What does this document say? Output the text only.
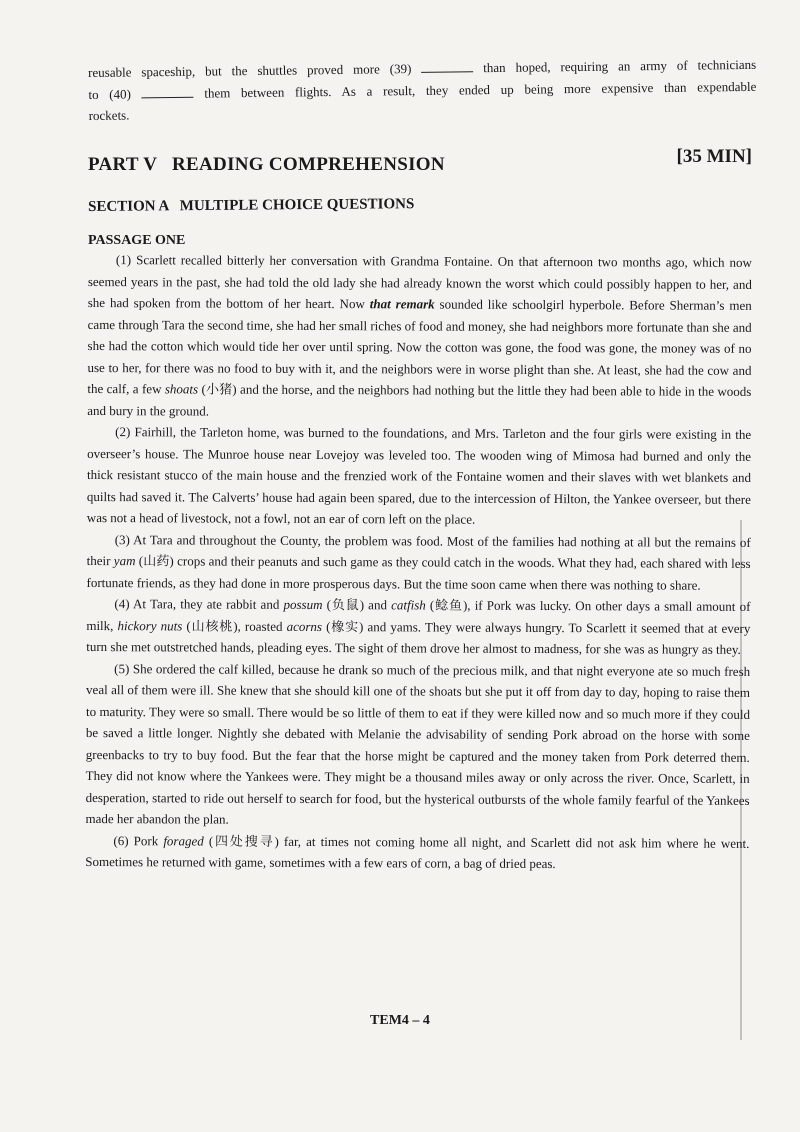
reusable spaceship, but the shuttles proved more (39)	than hoped, requiring an army of technicians
to (40)	them between flights. As a result, they ended up being more expensive than expendable
rockets.
PART V   READING COMPREHENSION	[35 MIN]
SECTION A   MULTIPLE CHOICE QUESTIONS
PASSAGE ONE

(1) Scarlett recalled bitterly her conversation with Grandma Fontaine. On that afternoon two months ago, which now seemed years in the past, she had told the old lady she had already known the worst which could possibly happen to her, and she had spoken from the bottom of her heart. Now that remark sounded like schoolgirl hyperbole. Before Sherman’s men came through Tara the second time, she had her small riches of food and money, she had neighbors more fortunate than she and she had the cotton which would tide her over until spring. Now the cotton was gone, the food was gone, the money was of no use to her, for there was no food to buy with it, and the neighbors were in worse plight than she. At least, she had the cow and the calf, a few shoats (小猪) and the horse, and the neighbors had nothing but the little they had been able to hide in the woods and bury in the ground.

(2) Fairhill, the Tarleton home, was burned to the foundations, and Mrs. Tarleton and the four girls were existing in the overseer’s house. The Munroe house near Lovejoy was leveled too. The wooden wing of Mimosa had burned and only the thick resistant stucco of the main house and the frenzied work of the Fontaine women and their slaves with wet blankets and quilts had saved it. The Calverts’ house had again been spared, due to the intercession of Hilton, the Yankee overseer, but there was not a head of livestock, not a fowl, not an ear of corn left on the place.

(3) At Tara and throughout the County, the problem was food. Most of the families had nothing at all but the remains of their yam (山药) crops and their peanuts and such game as they could catch in the woods. What they had, each shared with less fortunate friends, as they had done in more prosperous days. But the time soon came when there was nothing to share.

(4) At Tara, they ate rabbit and possum (负鼠) and catfish (鲶鱼), if Pork was lucky. On other days a small amount of milk, hickory nuts (山核桃), roasted acorns (橡实) and yams. They were always hungry. To Scarlett it seemed that at every turn she met outstretched hands, pleading eyes. The sight of them drove her almost to madness, for she was as hungry as they.

(5) She ordered the calf killed, because he drank so much of the precious milk, and that night everyone ate so much fresh veal all of them were ill. She knew that she should kill one of the shoats but she put it off from day to day, hoping to raise them to maturity. They were so small. There would be so little of them to eat if they were killed now and so much more if they could be saved a little longer. Nightly she debated with Melanie the advisability of sending Pork abroad on the horse with some greenbacks to try to buy food. But the fear that the horse might be captured and the money taken from Pork deterred them. They did not know where the Yankees were. They might be a thousand miles away or only across the river. Once, Scarlett, in desperation, started to ride out herself to search for food, but the hysterical outbursts of the whole family fearful of the Yankees made her abandon the plan.

(6) Pork foraged (四处搜寻) far, at times not coming home all night, and Scarlett did not ask him where he went. Sometimes he returned with game, sometimes with a few ears of corn, a bag of dried peas.

TEM4 – 4
